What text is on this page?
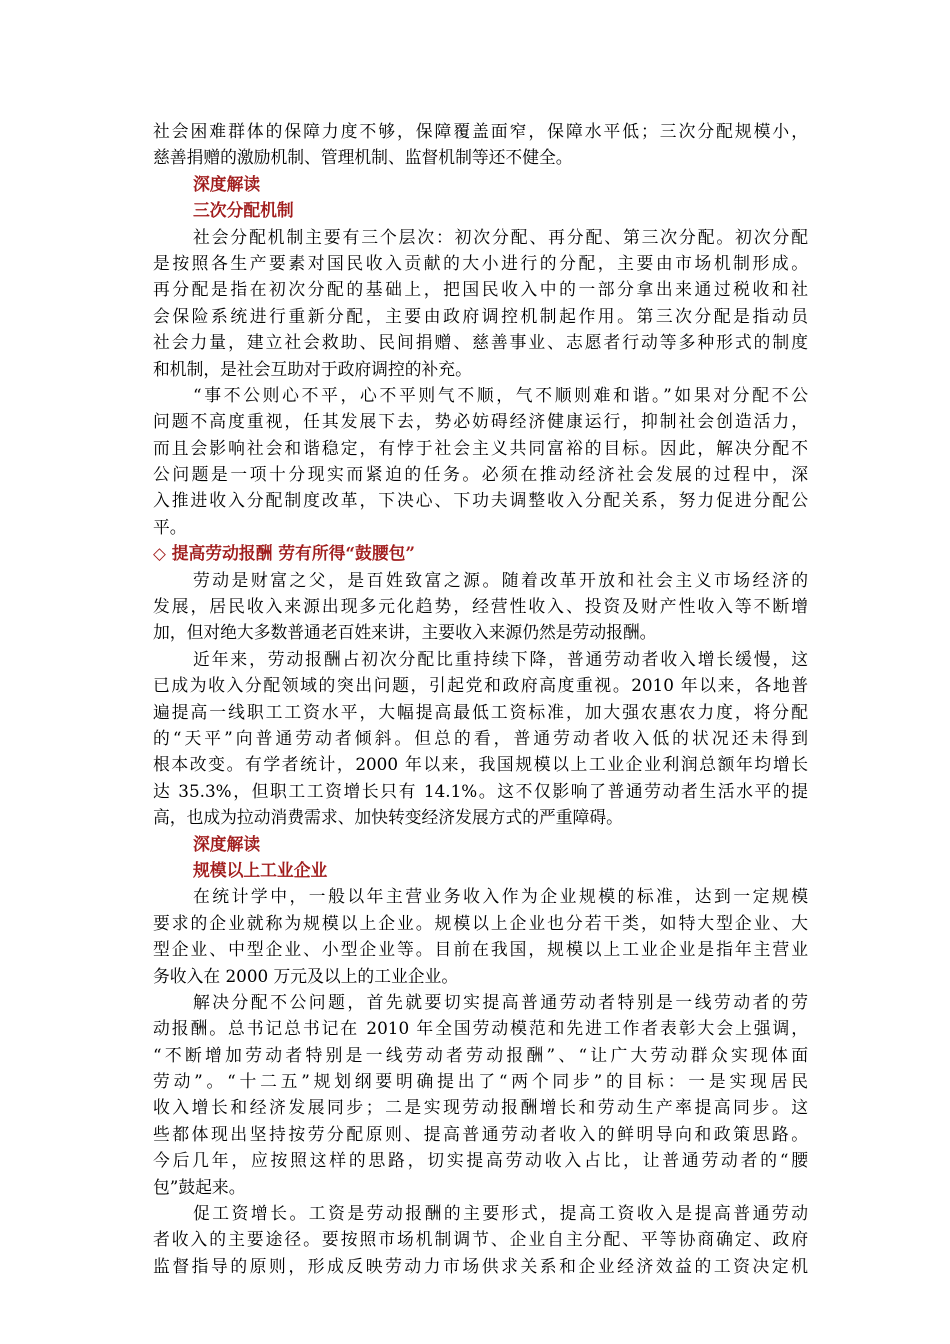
社会困难群体的保障力度不够，保障覆盖面窄，保障水平低；三次分配规模小，
慈善捐赠的激励机制、管理机制、监督机制等还不健全。
深度解读
三次分配机制
社会分配机制主要有三个层次：初次分配、再分配、第三次分配。初次分配
是按照各生产要素对国民收入贡献的大小进行的分配，主要由市场机制形成。
再分配是指在初次分配的基础上，把国民收入中的一部分拿出来通过税收和社
会保险系统进行重新分配，主要由政府调控机制起作用。第三次分配是指动员
社会力量，建立社会救助、民间捐赠、慈善事业、志愿者行动等多种形式的制度
和机制，是社会互助对于政府调控的补充。
“事不公则心不平，心不平则气不顺，气不顺则难和谐。”如果对分配不公
问题不高度重视，任其发展下去，势必妨碍经济健康运行，抑制社会创造活力，
而且会影响社会和谐稳定，有悖于社会主义共同富裕的目标。因此，解决分配不
公问题是一项十分现实而紧迫的任务。必须在推动经济社会发展的过程中，深
入推进收入分配制度改革，下决心、下功夫调整收入分配关系，努力促进分配公
平。
◇ 提高劳动报酬 劳有所得“鼓腰包”
劳动是财富之父，是百姓致富之源。随着改革开放和社会主义市场经济的
发展，居民收入来源出现多元化趋势，经营性收入、投资及财产性收入等不断增
加，但对绝大多数普通老百姓来讲，主要收入来源仍然是劳动报酬。
近年来，劳动报酬占初次分配比重持续下降，普通劳动者收入增长缓慢，这
已成为收入分配领域的突出问题，引起党和政府高度重视。2010 年以来，各地普
遍提高一线职工工资水平，大幅提高最低工资标准，加大强农惠农力度，将分配
的“天平”向普通劳动者倾斜。但总的看，普通劳动者收入低的状况还未得到
根本改变。有学者统计，2000 年以来，我国规模以上工业企业利润总额年均增长
达 35.3%，但职工工资增长只有 14.1%。这不仅影响了普通劳动者生活水平的提
高，也成为拉动消费需求、加快转变经济发展方式的严重障碍。
深度解读
规模以上工业企业
在统计学中，一般以年主营业务收入作为企业规模的标准，达到一定规模
要求的企业就称为规模以上企业。规模以上企业也分若干类，如特大型企业、大
型企业、中型企业、小型企业等。目前在我国，规模以上工业企业是指年主营业
务收入在 2000 万元及以上的工业企业。
解决分配不公问题，首先就要切实提高普通劳动者特别是一线劳动者的劳
动报酬。总书记总书记在 2010 年全国劳动模范和先进工作者表彰大会上强调，
“不断增加劳动者特别是一线劳动者劳动报酬”、“让广大劳动群众实现体面
劳动”。“十二五”规划纲要明确提出了“两个同步”的目标：一是实现居民
收入增长和经济发展同步；二是实现劳动报酬增长和劳动生产率提高同步。这
些都体现出坚持按劳分配原则、提高普通劳动者收入的鲜明导向和政策思路。
今后几年，应按照这样的思路，切实提高劳动收入占比，让普通劳动者的“腰
包”鼓起来。
促工资增长。工资是劳动报酬的主要形式，提高工资收入是提高普通劳动
者收入的主要途径。要按照市场机制调节、企业自主分配、平等协商确定、政府
监督指导的原则，形成反映劳动力市场供求关系和企业经济效益的工资决定机
